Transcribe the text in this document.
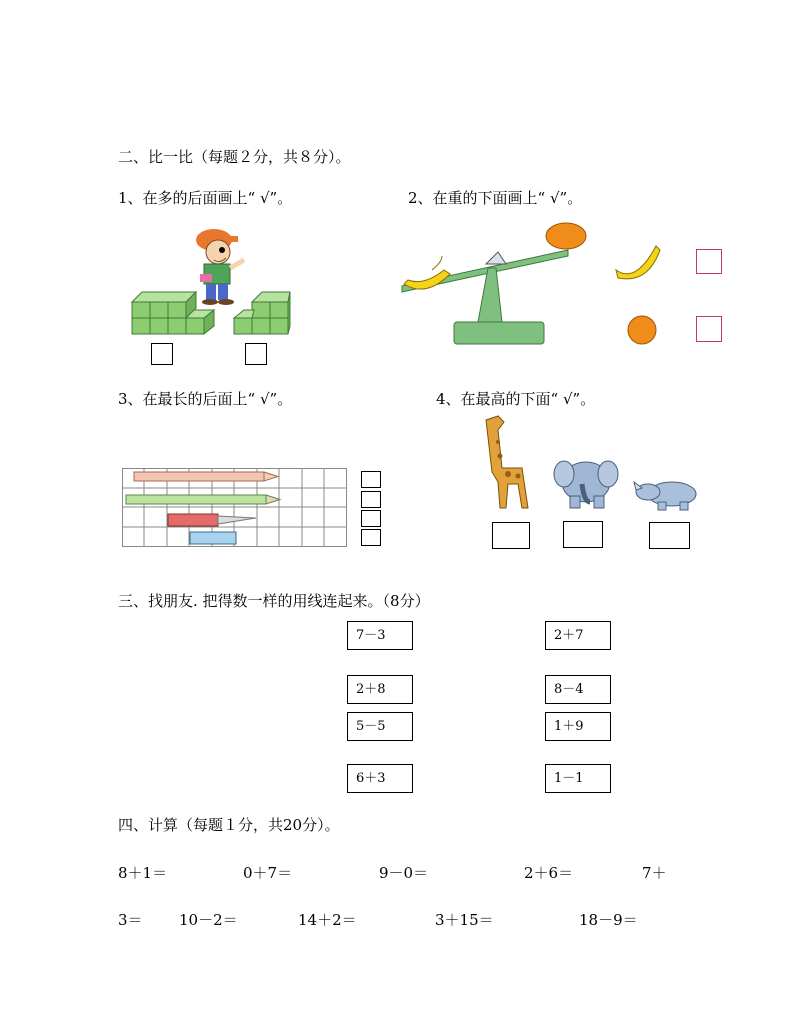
二、比一比（每题２分，共８分）。
1、在多的后面画上“ √”。	2、在重的下面画上“ √”。
3、在最长的后面上“ √”。	4、在最高的下面“ √”。
三、找朋友. 把得数一样的用线连起来。（8分）
7－3
2＋8
5－5
6＋3
2＋7
8－4
1＋9
1－1
四、计算（每题１分，共20分）。
8＋1＝	0＋7＝	9－0＝	2＋6＝	7＋
3＝ 10－2＝	14＋2＝	3＋15＝	18－9＝
